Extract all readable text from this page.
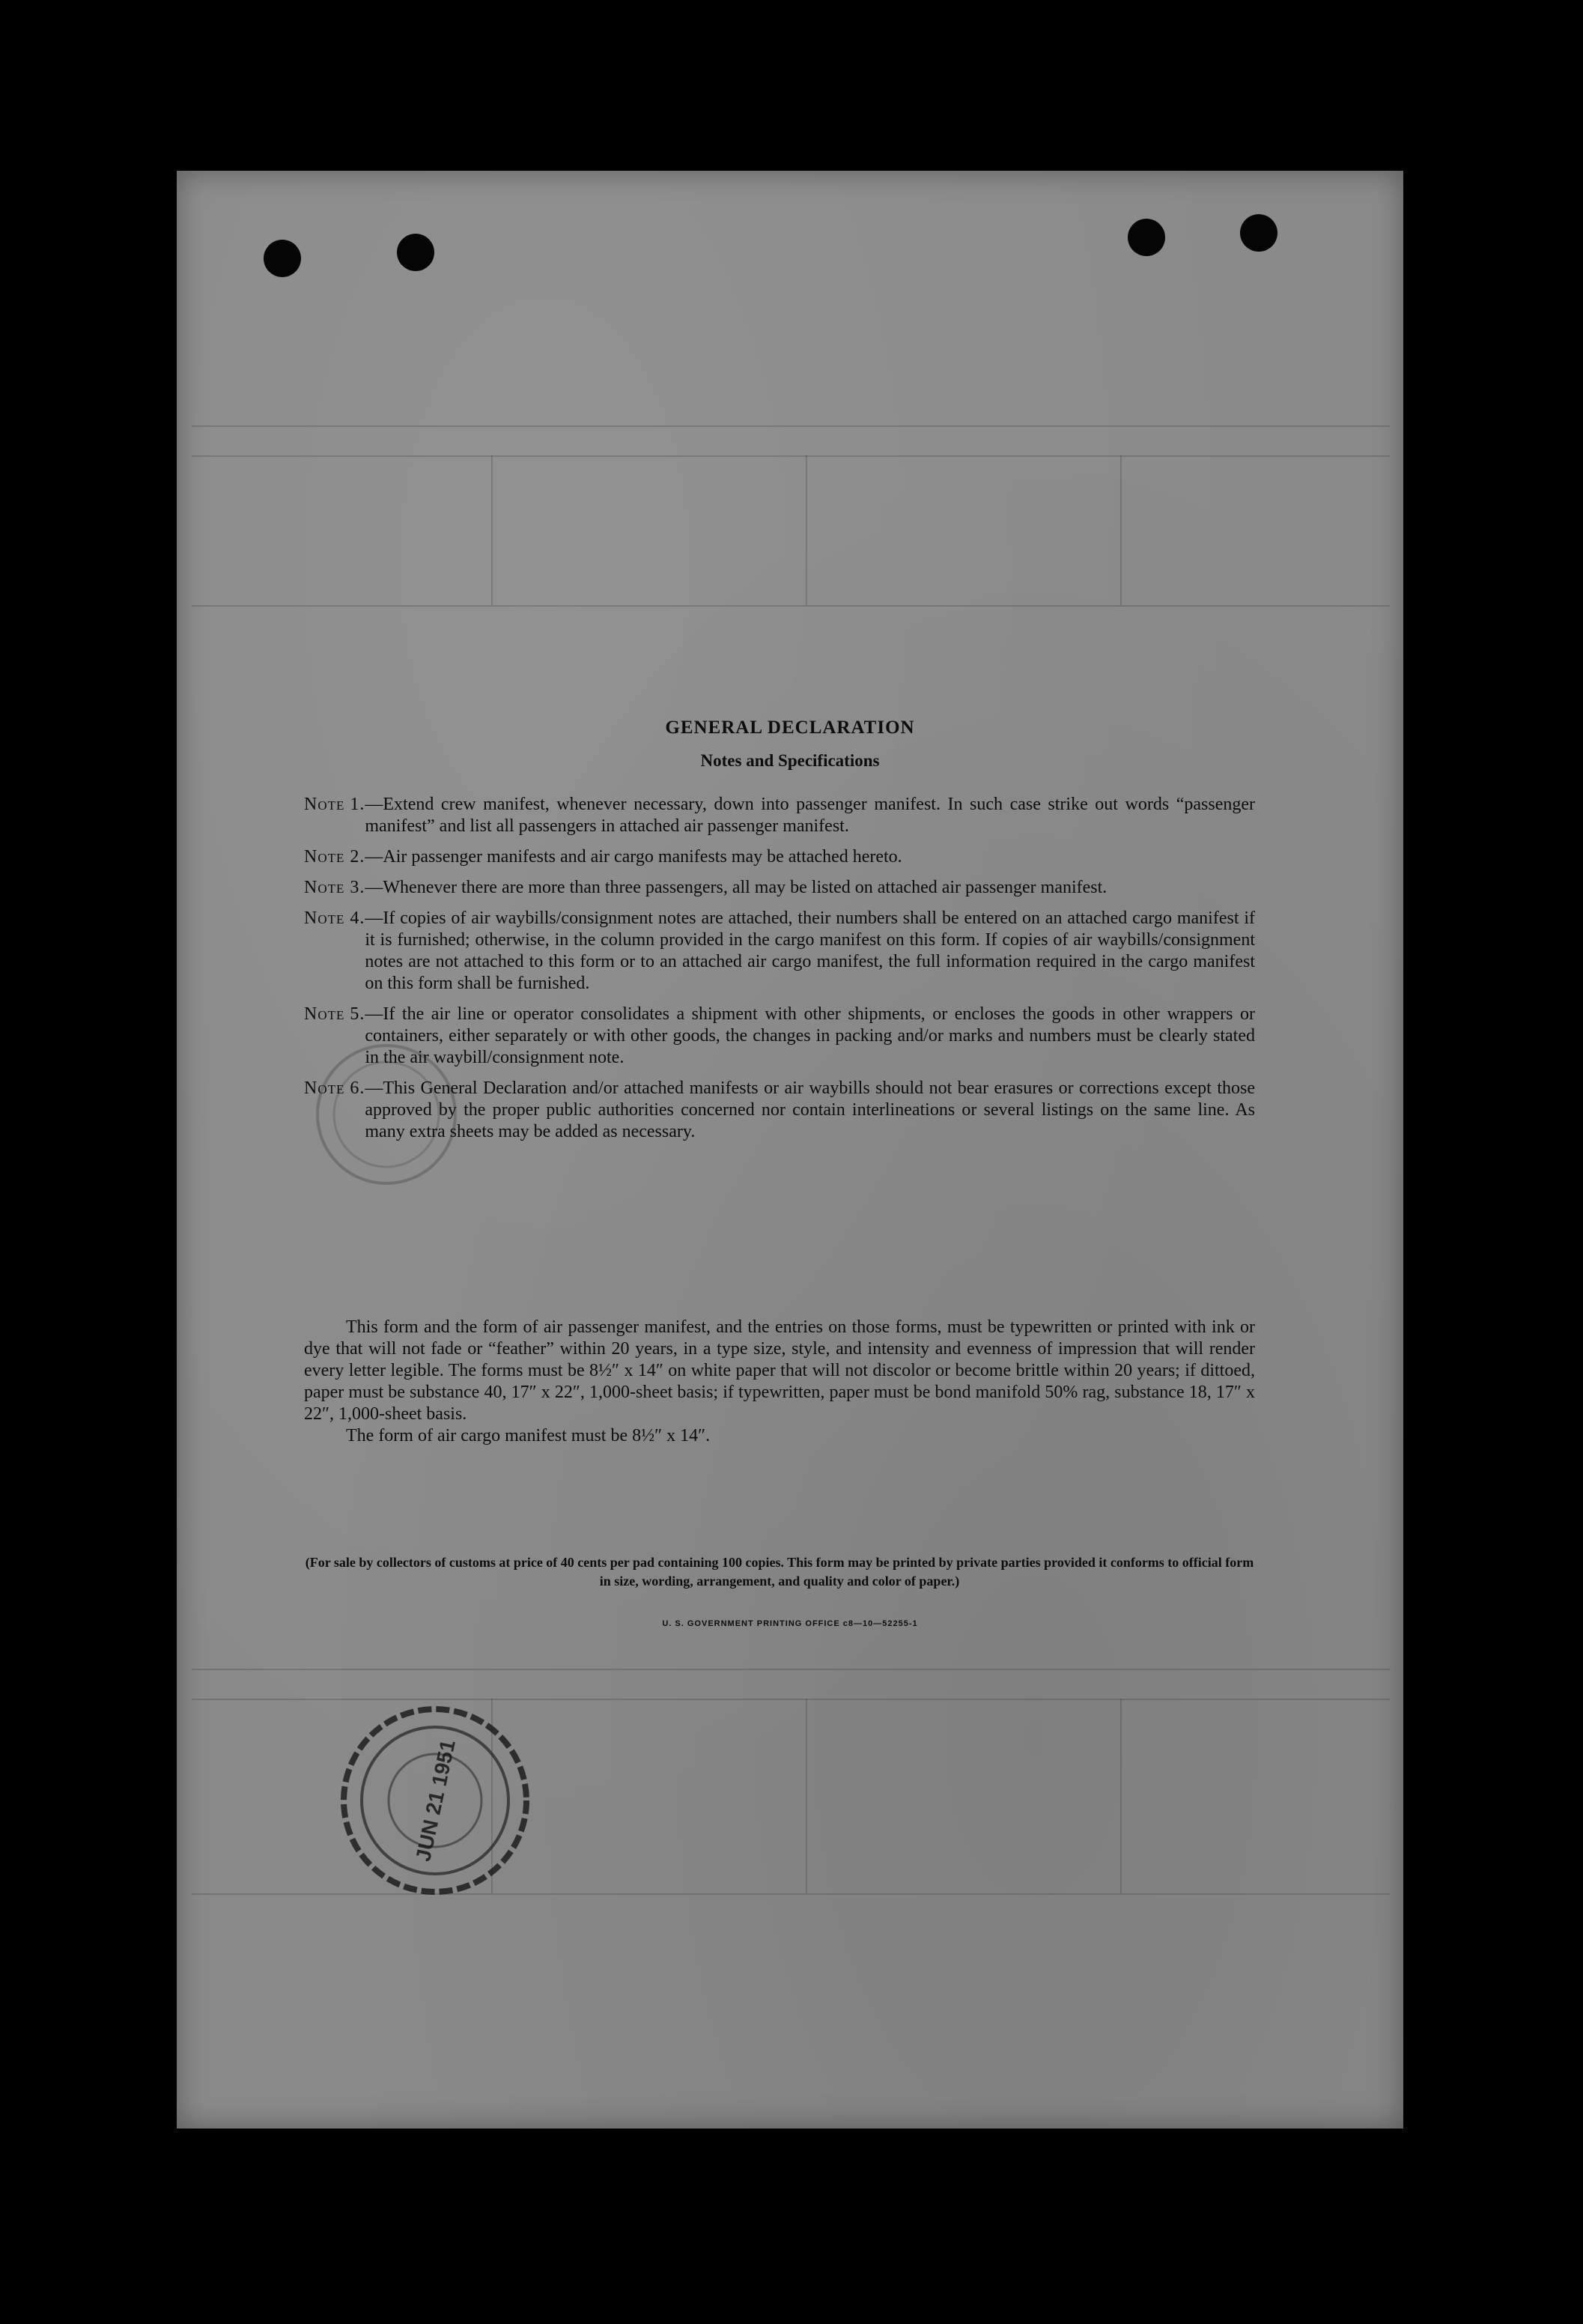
GENERAL DECLARATION
Notes and Specifications
Note 1. —Extend crew manifest, whenever necessary, down into passenger manifest. In such case strike out words “passenger manifest” and list all passengers in attached air passenger manifest.
Note 2. —Air passenger manifests and air cargo manifests may be attached hereto.
Note 3. —Whenever there are more than three passengers, all may be listed on attached air passenger manifest.
Note 4. —If copies of air waybills/consignment notes are attached, their numbers shall be entered on an attached cargo manifest if it is furnished; otherwise, in the column provided in the cargo manifest on this form. If copies of air waybills/consignment notes are not attached to this form or to an attached air cargo manifest, the full information required in the cargo manifest on this form shall be furnished.
Note 5. —If the air line or operator consolidates a shipment with other shipments, or encloses the goods in other wrappers or containers, either separately or with other goods, the changes in packing and/or marks and numbers must be clearly stated in the air waybill/consignment note.
Note 6. —This General Declaration and/or attached manifests or air waybills should not bear erasures or corrections except those approved by the proper public authorities concerned nor contain interlineations or several listings on the same line. As many extra sheets may be added as necessary.
This form and the form of air passenger manifest, and the entries on those forms, must be typewritten or printed with ink or dye that will not fade or “feather” within 20 years, in a type size, style, and intensity and evenness of impression that will render every letter legible. The forms must be 8½″ x 14″ on white paper that will not discolor or become brittle within 20 years; if dittoed, paper must be substance 40, 17″ x 22″, 1,000-sheet basis; if typewritten, paper must be bond manifold 50% rag, substance 18, 17″ x 22″, 1,000-sheet basis.
The form of air cargo manifest must be 8½″ x 14″.
(For sale by collectors of customs at price of 40 cents per pad containing 100 copies. This form may be printed by private parties provided it conforms to official form in size, wording, arrangement, and quality and color of paper.)
U. S. GOVERNMENT PRINTING OFFICE c8—10—52255-1
JUN 21 1951
